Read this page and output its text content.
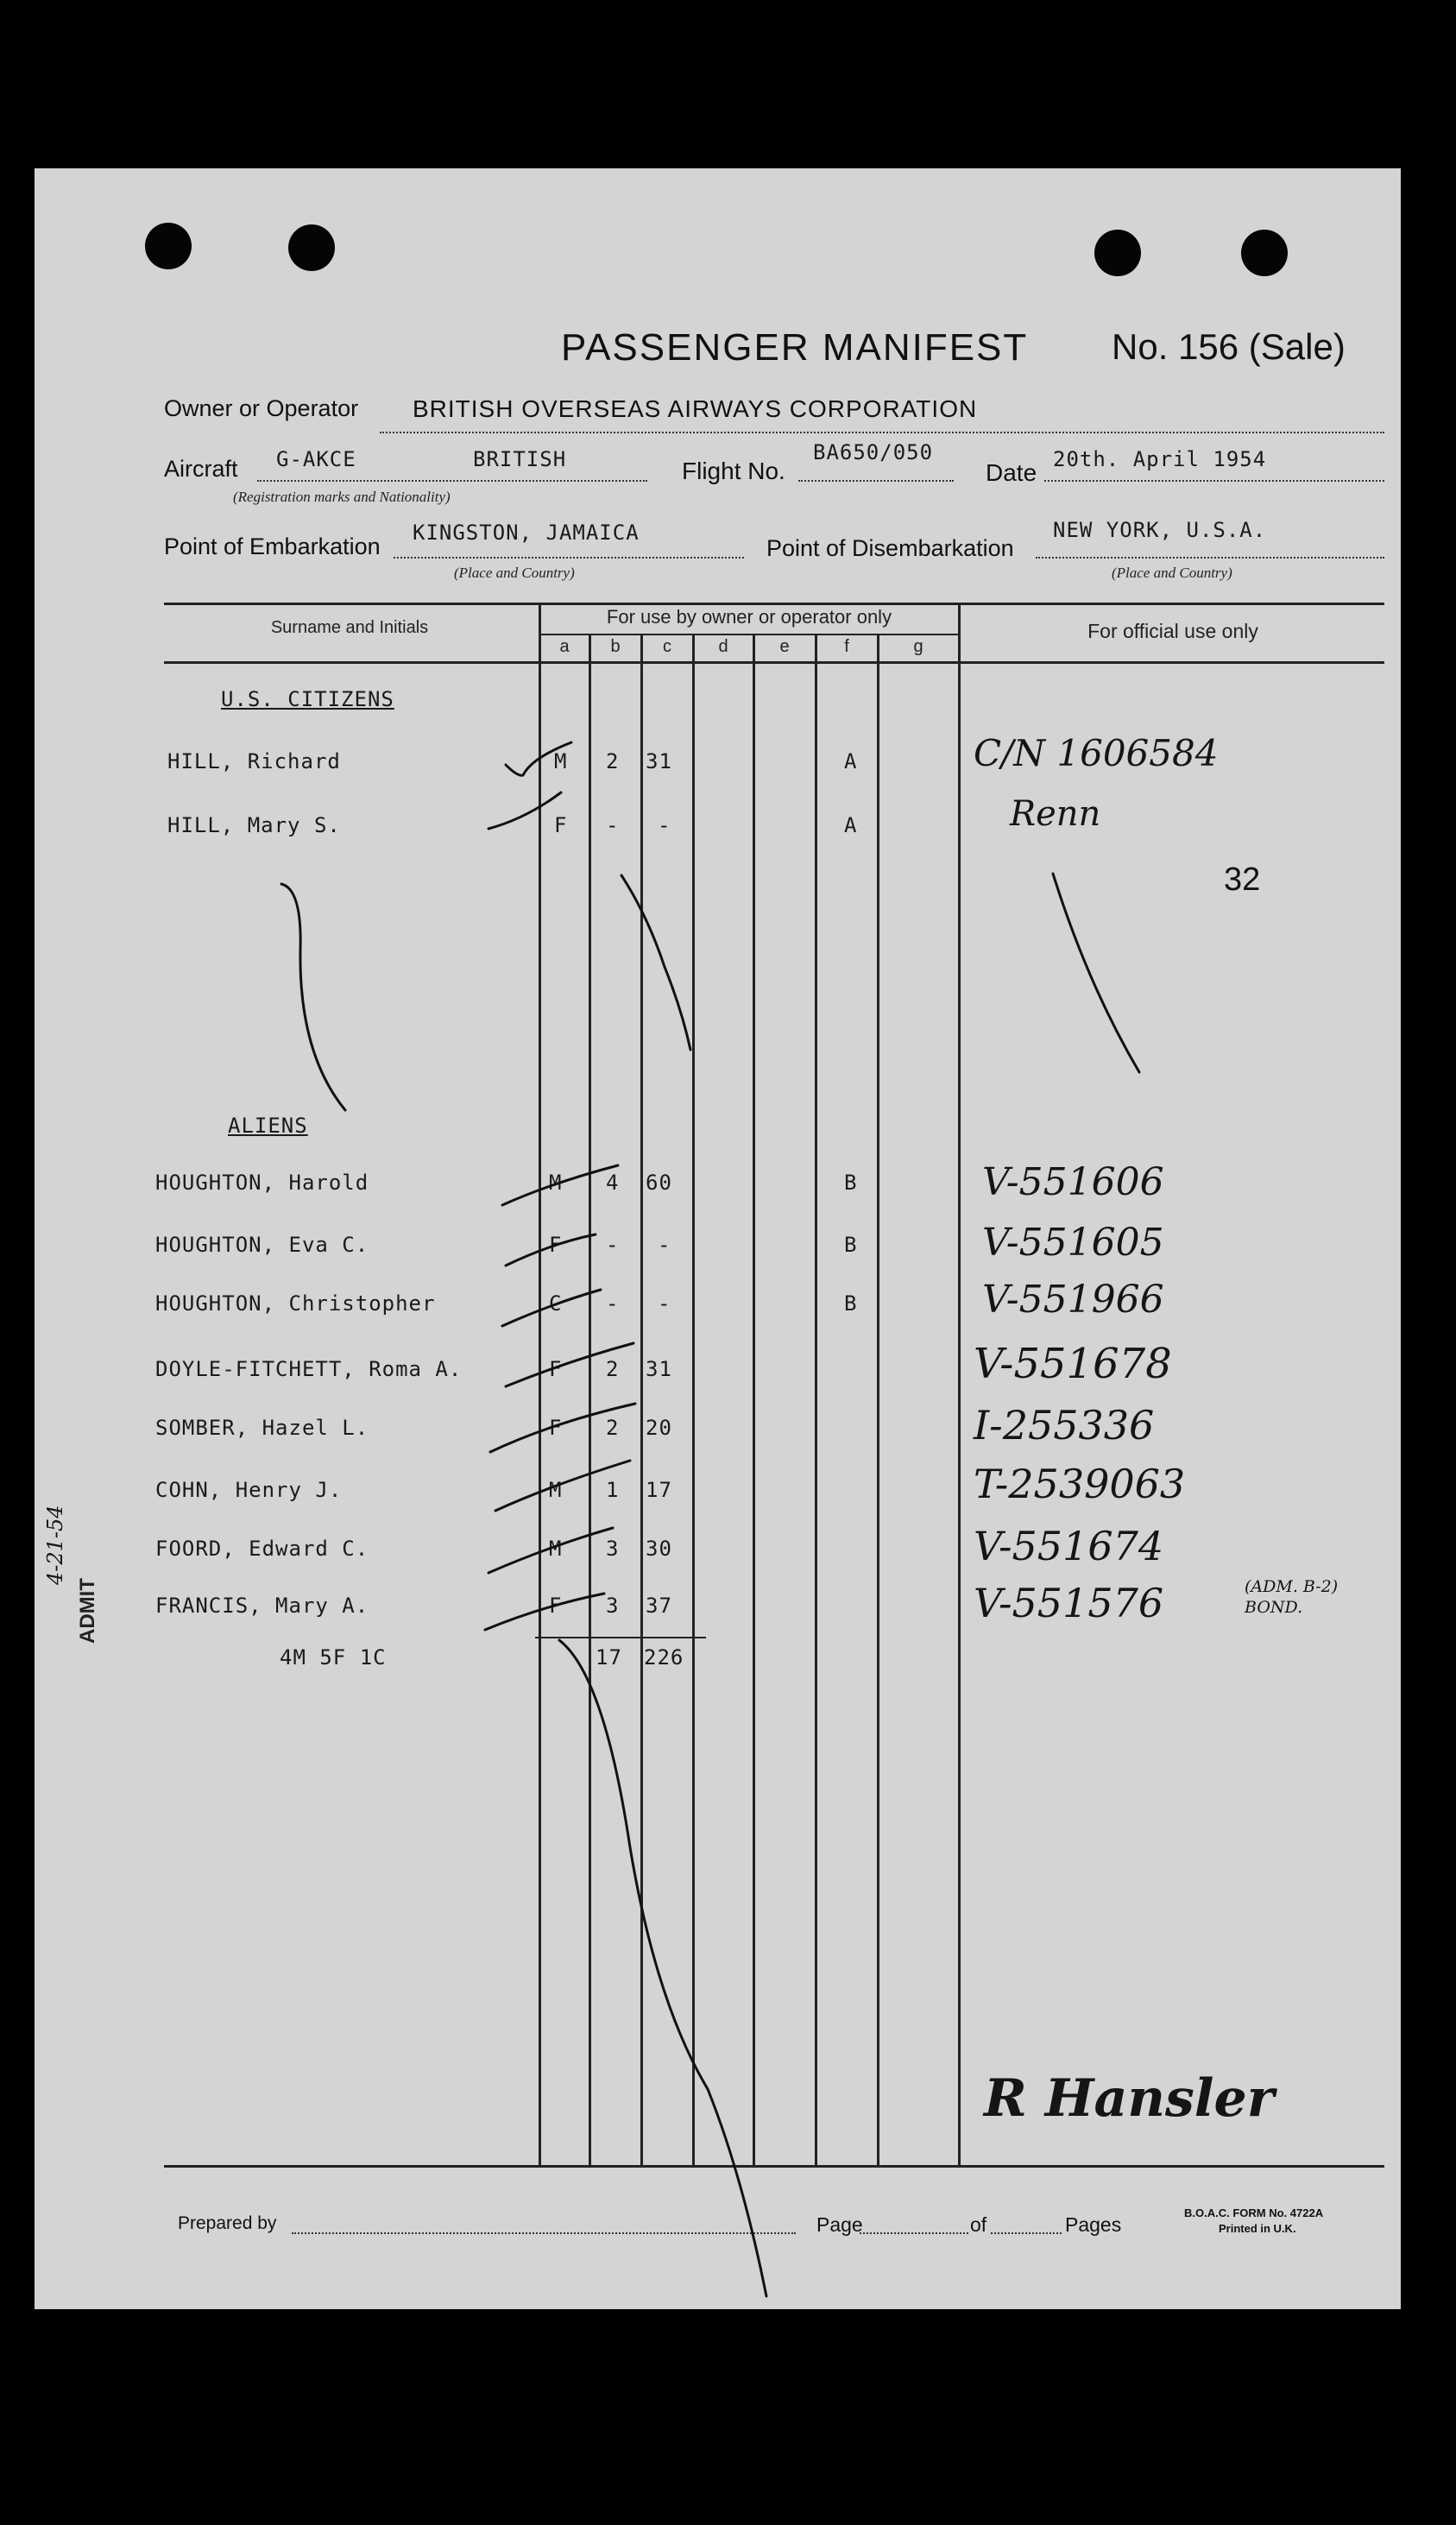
PASSENGER MANIFEST No. 156 (Sale)
Owner or Operator BRITISH OVERSEAS AIRWAYS CORPORATION
Aircraft G-AKCE	BRITISH
(Registration marks and Nationality)
Flight No.
BA650/050
Date 20th. April 1954
Point of Embarkation
KINGSTON, JAMAICA
(Place and Country)
Point of Disembarkation
NEW YORK, U.S.A.
(Place and Country)
Surname and Initials	For use by owner or operator only
For official use only
a	b	c	d	e	f	g
U.S. CITIZENS
HILL, Richard	M 2 31	A	C/N 1606584
HILL, Mary S.	F - -	A	Renn
32
ALIENS
HOUGHTON, Harold	M 4 60	B	V-551606
HOUGHTON, Eva C.	F - -	B	V-551605
HOUGHTON, Christopher	C - -	B	V-551966
DOYLE-FITCHETT, Roma A.	F 2 31	V-551678
SOMBER, Hazel L.	F 2 20	I-255336
COHN, Henry J.	M 1 17	T-2539063
FOORD, Edward C.	M 3 30	V-551674
FRANCIS, Mary A.	F 3 37	V-551576	(ADM. B-2) BOND.
4M 5F 1C	17 226
4-21-54
ADMIT
R Hansler
Prepared by	Page	of	Pages
B.O.A.C. FORM No. 4722A
Printed in U.K.
